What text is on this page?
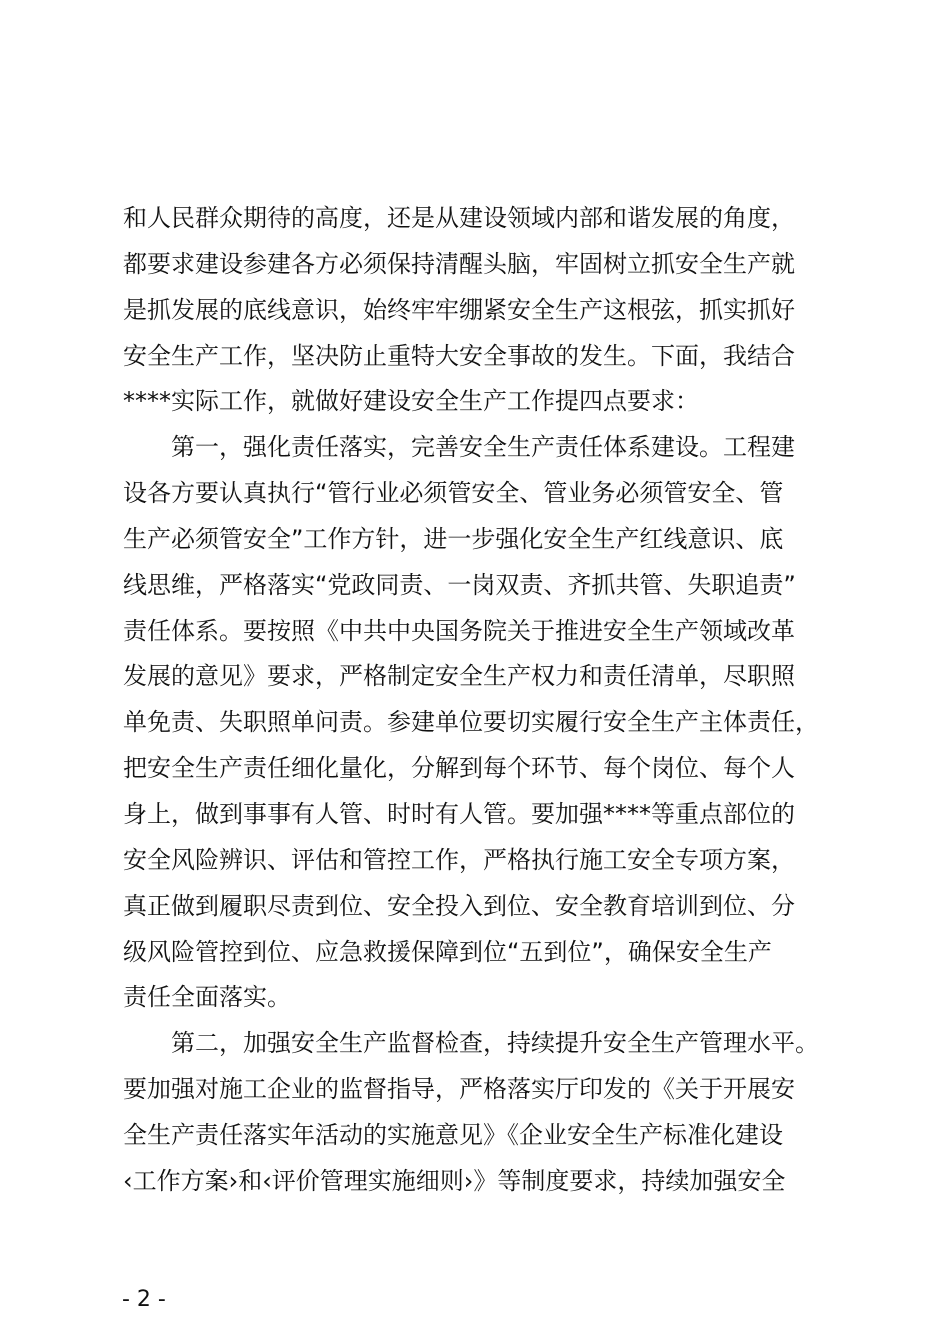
和人民群众期待的高度，还是从建设领域内部和谐发展的角度，
都要求建设参建各方必须保持清醒头脑，牢固树立抓安全生产就
是抓发展的底线意识，始终牢牢绷紧安全生产这根弦，抓实抓好
安全生产工作，坚决防止重特大安全事故的发生。下面，我结合
****实际工作，就做好建设安全生产工作提四点要求：
第一，强化责任落实，完善安全生产责任体系建设。工程建
设各方要认真执行“管行业必须管安全、管业务必须管安全、管
生产必须管安全”工作方针，进一步强化安全生产红线意识、底
线思维，严格落实“党政同责、一岗双责、齐抓共管、失职追责”
责任体系。要按照《中共中央国务院关于推进安全生产领域改革
发展的意见》要求，严格制定安全生产权力和责任清单，尽职照
单免责、失职照单问责。参建单位要切实履行安全生产主体责任，
把安全生产责任细化量化，分解到每个环节、每个岗位、每个人
身上，做到事事有人管、时时有人管。要加强****等重点部位的
安全风险辨识、评估和管控工作，严格执行施工安全专项方案，
真正做到履职尽责到位、安全投入到位、安全教育培训到位、分
级风险管控到位、应急救援保障到位“五到位”，确保安全生产
责任全面落实。
第二，加强安全生产监督检查，持续提升安全生产管理水平。
要加强对施工企业的监督指导，严格落实厅印发的《关于开展安
全生产责任落实年活动的实施意见》《企业安全生产标准化建设
‹工作方案›和‹评价管理实施细则›》等制度要求，持续加强安全
- 2 -
